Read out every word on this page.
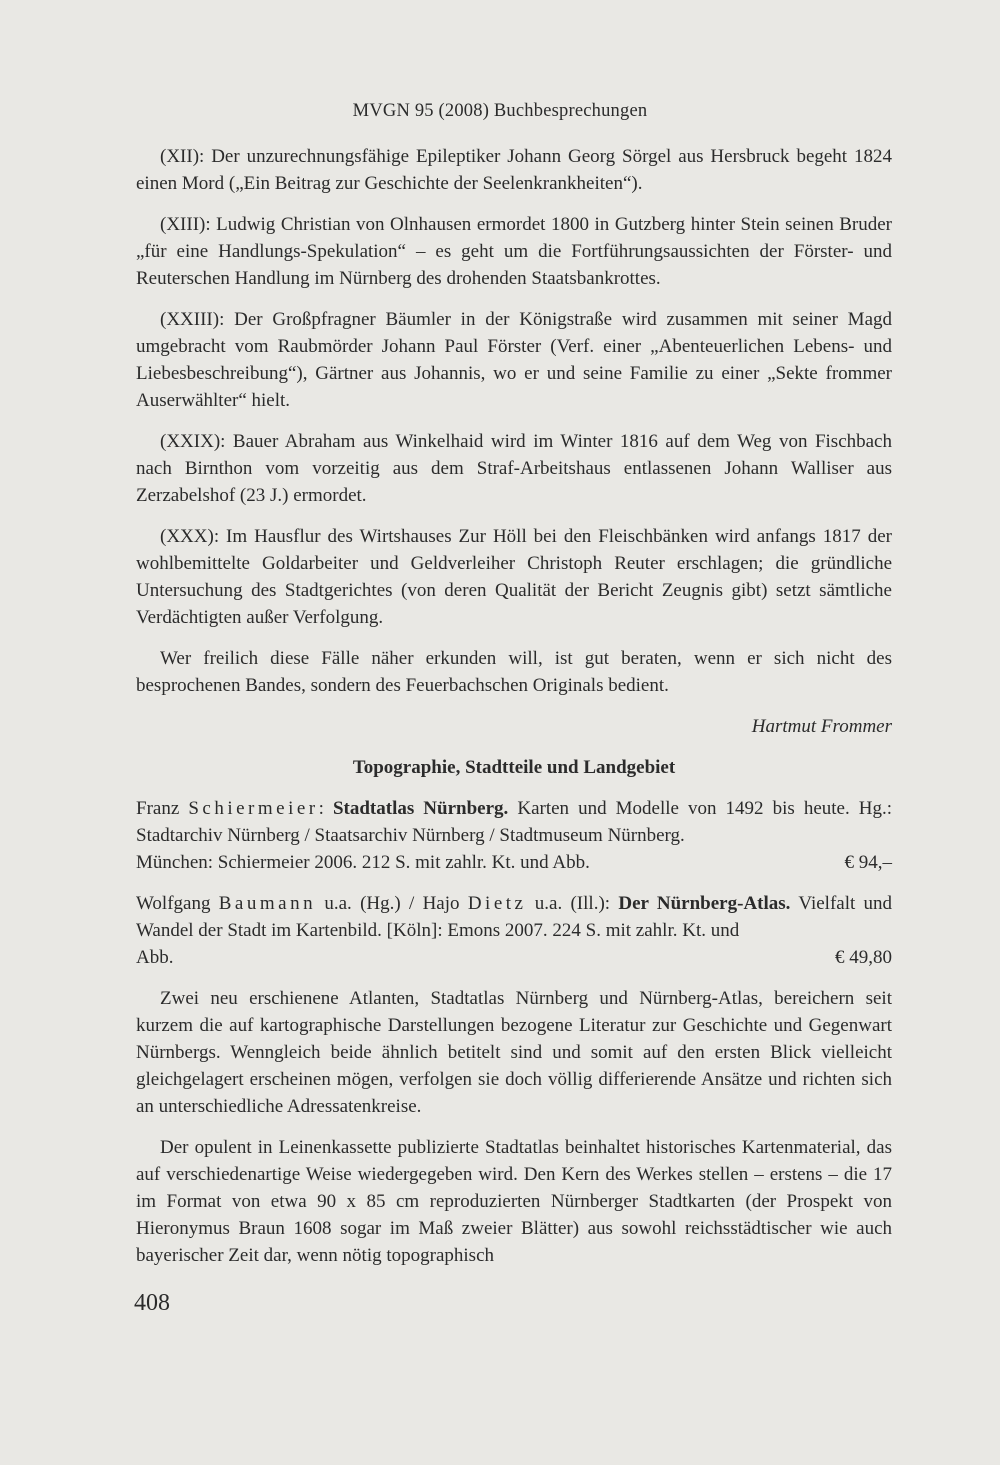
MVGN 95 (2008) Buchbesprechungen

(XII): Der unzurechnungsfähige Epileptiker Johann Georg Sörgel aus Hersbruck begeht 1824 einen Mord („Ein Beitrag zur Geschichte der Seelenkrankheiten“).

(XIII): Ludwig Christian von Olnhausen ermordet 1800 in Gutzberg hinter Stein seinen Bruder „für eine Handlungs-Spekulation“ – es geht um die Fortführungsaussichten der Förster- und Reuterschen Handlung im Nürnberg des drohenden Staatsbankrottes.

(XXIII): Der Großpfragner Bäumler in der Königstraße wird zusammen mit seiner Magd umgebracht vom Raubmörder Johann Paul Förster (Verf. einer „Abenteuerlichen Lebens- und Liebesbeschreibung“), Gärtner aus Johannis, wo er und seine Familie zu einer „Sekte frommer Auserwählter“ hielt.

(XXIX): Bauer Abraham aus Winkelhaid wird im Winter 1816 auf dem Weg von Fischbach nach Birnthon vom vorzeitig aus dem Straf-Arbeitshaus entlassenen Johann Walliser aus Zerzabelshof (23 J.) ermordet.

(XXX): Im Hausflur des Wirtshauses Zur Höll bei den Fleischbänken wird anfangs 1817 der wohlbemittelte Goldarbeiter und Geldverleiher Christoph Reuter erschlagen; die gründliche Untersuchung des Stadtgerichtes (von deren Qualität der Bericht Zeugnis gibt) setzt sämtliche Verdächtigten außer Verfolgung.

Wer freilich diese Fälle näher erkunden will, ist gut beraten, wenn er sich nicht des besprochenen Bandes, sondern des Feuerbachschen Originals bedient.

Hartmut Frommer

Topographie, Stadtteile und Landgebiet

Franz Schiermeier: Stadtatlas Nürnberg. Karten und Modelle von 1492 bis heute. Hg.: Stadtarchiv Nürnberg / Staatsarchiv Nürnberg / Stadtmuseum Nürnberg.

München: Schiermeier 2006. 212 S. mit zahlr. Kt. und Abb.	€ 94,–

Wolfgang Baumann u.a. (Hg.) / Hajo Dietz u.a. (Ill.): Der Nürnberg-Atlas. Vielfalt und Wandel der Stadt im Kartenbild. [Köln]: Emons 2007. 224 S. mit zahlr. Kt. und

Abb.	€ 49,80

Zwei neu erschienene Atlanten, Stadtatlas Nürnberg und Nürnberg-Atlas, bereichern seit kurzem die auf kartographische Darstellungen bezogene Literatur zur Geschichte und Gegenwart Nürnbergs. Wenngleich beide ähnlich betitelt sind und somit auf den ersten Blick vielleicht gleichgelagert erscheinen mögen, verfolgen sie doch völlig differierende Ansätze und richten sich an unterschiedliche Adressatenkreise.

Der opulent in Leinenkassette publizierte Stadtatlas beinhaltet historisches Kartenmaterial, das auf verschiedenartige Weise wiedergegeben wird. Den Kern des Werkes stellen – erstens – die 17 im Format von etwa 90 x 85 cm reproduzierten Nürnberger Stadtkarten (der Prospekt von Hieronymus Braun 1608 sogar im Maß zweier Blätter) aus sowohl reichsstädtischer wie auch bayerischer Zeit dar, wenn nötig topographisch

408
